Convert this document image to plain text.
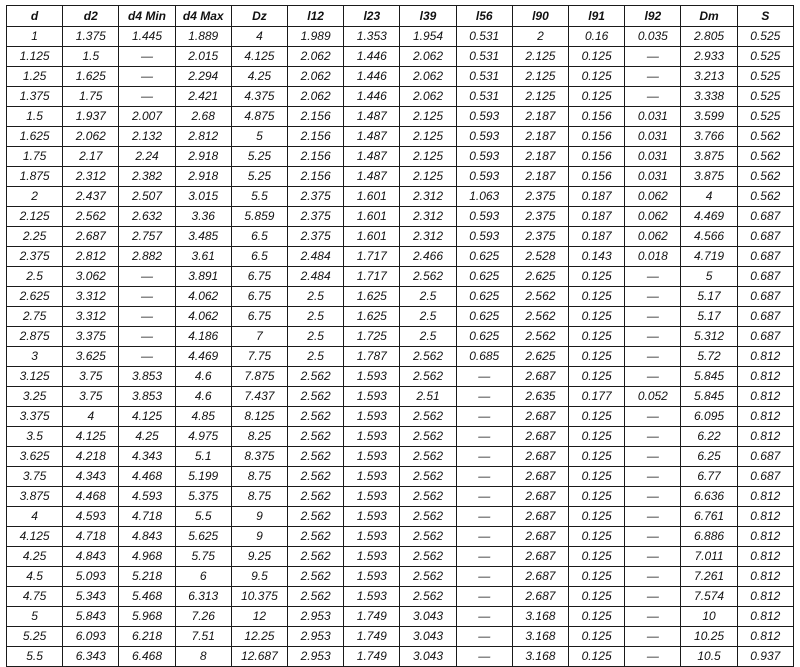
d	d2	d4 Min	d4 Max	Dz	l12	l23	l39	l56	l90	l91	l92	Dm	S
1	1.375	1.445	1.889	4	1.989	1.353	1.954	0.531	2	0.16	0.035	2.805	0.525
1.125	1.5	—	2.015	4.125	2.062	1.446	2.062	0.531	2.125	0.125	—	2.933	0.525
1.25	1.625	—	2.294	4.25	2.062	1.446	2.062	0.531	2.125	0.125	—	3.213	0.525
1.375	1.75	—	2.421	4.375	2.062	1.446	2.062	0.531	2.125	0.125	—	3.338	0.525
1.5	1.937	2.007	2.68	4.875	2.156	1.487	2.125	0.593	2.187	0.156	0.031	3.599	0.525
1.625	2.062	2.132	2.812	5	2.156	1.487	2.125	0.593	2.187	0.156	0.031	3.766	0.562
1.75	2.17	2.24	2.918	5.25	2.156	1.487	2.125	0.593	2.187	0.156	0.031	3.875	0.562
1.875	2.312	2.382	2.918	5.25	2.156	1.487	2.125	0.593	2.187	0.156	0.031	3.875	0.562
2	2.437	2.507	3.015	5.5	2.375	1.601	2.312	1.063	2.375	0.187	0.062	4	0.562
2.125	2.562	2.632	3.36	5.859	2.375	1.601	2.312	0.593	2.375	0.187	0.062	4.469	0.687
2.25	2.687	2.757	3.485	6.5	2.375	1.601	2.312	0.593	2.375	0.187	0.062	4.566	0.687
2.375	2.812	2.882	3.61	6.5	2.484	1.717	2.466	0.625	2.528	0.143	0.018	4.719	0.687
2.5	3.062	—	3.891	6.75	2.484	1.717	2.562	0.625	2.625	0.125	—	5	0.687
2.625	3.312	—	4.062	6.75	2.5	1.625	2.5	0.625	2.562	0.125	—	5.17	0.687
2.75	3.312	—	4.062	6.75	2.5	1.625	2.5	0.625	2.562	0.125	—	5.17	0.687
2.875	3.375	—	4.186	7	2.5	1.725	2.5	0.625	2.562	0.125	—	5.312	0.687
3	3.625	—	4.469	7.75	2.5	1.787	2.562	0.685	2.625	0.125	—	5.72	0.812
3.125	3.75	3.853	4.6	7.875	2.562	1.593	2.562	—	2.687	0.125	—	5.845	0.812
3.25	3.75	3.853	4.6	7.437	2.562	1.593	2.51	—	2.635	0.177	0.052	5.845	0.812
3.375	4	4.125	4.85	8.125	2.562	1.593	2.562	—	2.687	0.125	—	6.095	0.812
3.5	4.125	4.25	4.975	8.25	2.562	1.593	2.562	—	2.687	0.125	—	6.22	0.812
3.625	4.218	4.343	5.1	8.375	2.562	1.593	2.562	—	2.687	0.125	—	6.25	0.687
3.75	4.343	4.468	5.199	8.75	2.562	1.593	2.562	—	2.687	0.125	—	6.77	0.687
3.875	4.468	4.593	5.375	8.75	2.562	1.593	2.562	—	2.687	0.125	—	6.636	0.812
4	4.593	4.718	5.5	9	2.562	1.593	2.562	—	2.687	0.125	—	6.761	0.812
4.125	4.718	4.843	5.625	9	2.562	1.593	2.562	—	2.687	0.125	—	6.886	0.812
4.25	4.843	4.968	5.75	9.25	2.562	1.593	2.562	—	2.687	0.125	—	7.011	0.812
4.5	5.093	5.218	6	9.5	2.562	1.593	2.562	—	2.687	0.125	—	7.261	0.812
4.75	5.343	5.468	6.313	10.375	2.562	1.593	2.562	—	2.687	0.125	—	7.574	0.812
5	5.843	5.968	7.26	12	2.953	1.749	3.043	—	3.168	0.125	—	10	0.812
5.25	6.093	6.218	7.51	12.25	2.953	1.749	3.043	—	3.168	0.125	—	10.25	0.812
5.5	6.343	6.468	8	12.687	2.953	1.749	3.043	—	3.168	0.125	—	10.5	0.937
